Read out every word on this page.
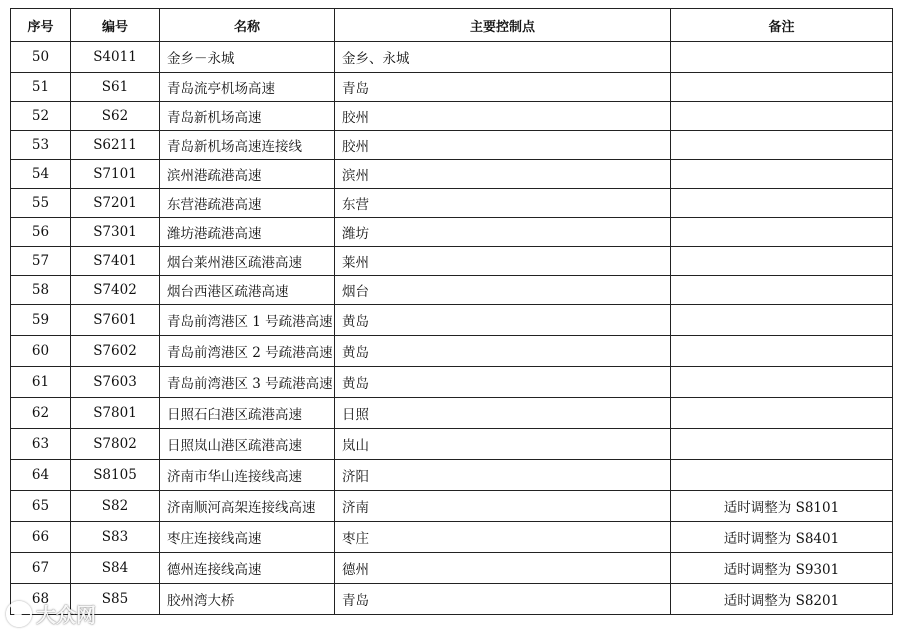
序号	编号	名称	主要控制点	备注
50	S4011	金乡－永城	金乡、永城	
51	S61	青岛流亭机场高速	青岛	
52	S62	青岛新机场高速	胶州	
53	S6211	青岛新机场高速连接线	胶州	
54	S7101	滨州港疏港高速	滨州	
55	S7201	东营港疏港高速	东营	
56	S7301	潍坊港疏港高速	潍坊	
57	S7401	烟台莱州港区疏港高速	莱州	
58	S7402	烟台西港区疏港高速	烟台	
59	S7601	青岛前湾港区 1 号疏港高速	黄岛	
60	S7602	青岛前湾港区 2 号疏港高速	黄岛	
61	S7603	青岛前湾港区 3 号疏港高速	黄岛	
62	S7801	日照石臼港区疏港高速	日照	
63	S7802	日照岚山港区疏港高速	岚山	
64	S8105	济南市华山连接线高速	济阳	
65	S82	济南顺河高架连接线高速	济南	适时调整为 S8101
66	S83	枣庄连接线高速	枣庄	适时调整为 S8401
67	S84	德州连接线高速	德州	适时调整为 S9301
68	S85	胶州湾大桥	青岛	适时调整为 S8201
大众网
